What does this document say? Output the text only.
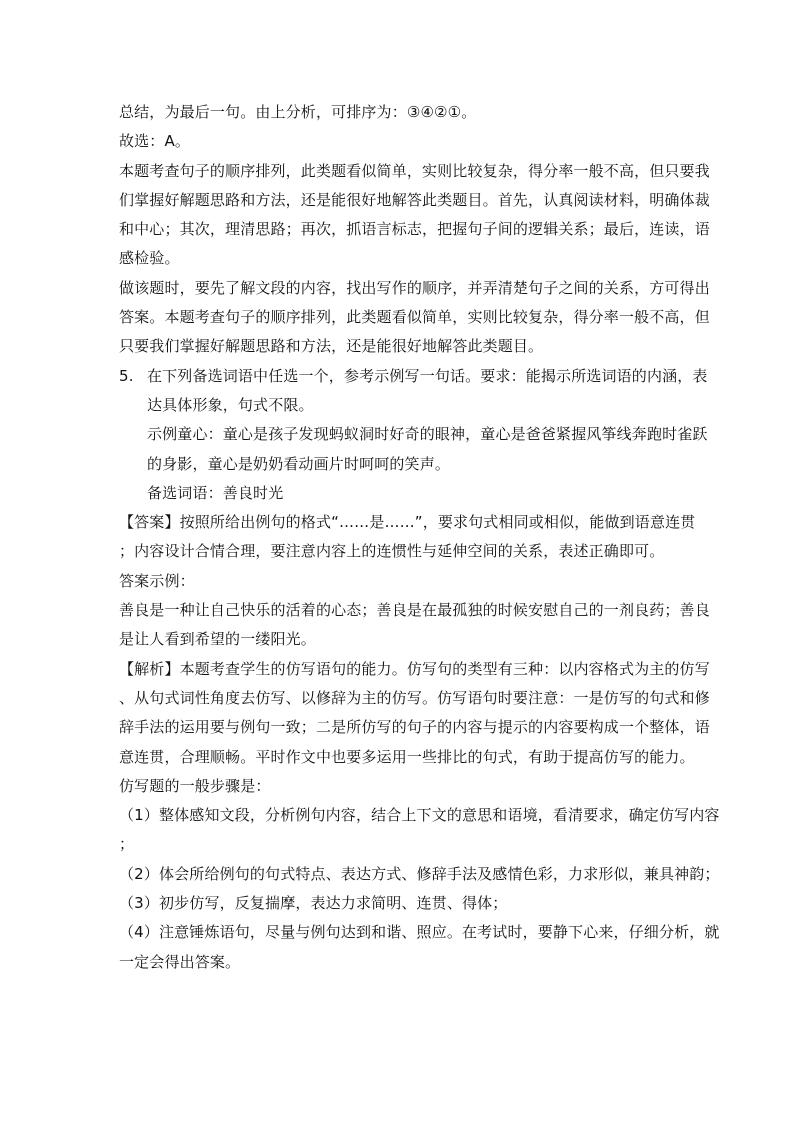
总结，为最后一句。由上分析，可排序为：③④②①。
故选：A。
本题考查句子的顺序排列，此类题看似简单，实则比较复杂，得分率一般不高，但只要我
们掌握好解题思路和方法，还是能很好地解答此类题目。首先，认真阅读材料，明确体裁
和中心；其次，理清思路；再次，抓语言标志，把握句子间的逻辑关系；最后，连读，语
感检验。
做该题时，要先了解文段的内容，找出写作的顺序，并弄清楚句子之间的关系，方可得出
答案。本题考查句子的顺序排列，此类题看似简单，实则比较复杂，得分率一般不高，但
只要我们掌握好解题思路和方法，还是能很好地解答此类题目。
5. 在下列备选词语中任选一个，参考示例写一句话。要求：能揭示所选词语的内涵，表
达具体形象，句式不限。
示例童心：童心是孩子发现蚂蚁洞时好奇的眼神，童心是爸爸紧握风筝线奔跑时雀跃
的身影，童心是奶奶看动画片时呵呵的笑声。
备选词语：善良时光
【答案】按照所给出例句的格式“……是……”，要求句式相同或相似，能做到语意连贯
；内容设计合情合理，要注意内容上的连惯性与延伸空间的关系，表述正确即可。
答案示例：
善良是一种让自己快乐的活着的心态；善良是在最孤独的时候安慰自己的一剂良药；善良
是让人看到希望的一缕阳光。
【解析】本题考查学生的仿写语句的能力。仿写句的类型有三种：以内容格式为主的仿写
、从句式词性角度去仿写、以修辞为主的仿写。仿写语句时要注意：一是仿写的句式和修
辞手法的运用要与例句一致；二是所仿写的句子的内容与提示的内容要构成一个整体，语
意连贯，合理顺畅。平时作文中也要多运用一些排比的句式，有助于提高仿写的能力。
仿写题的一般步骤是：
（1）整体感知文段，分析例句内容，结合上下文的意思和语境，看清要求，确定仿写内容
；
（2）体会所给例句的句式特点、表达方式、修辞手法及感情色彩，力求形似，兼具神韵；
（3）初步仿写，反复揣摩，表达力求简明、连贯、得体；
（4）注意锤炼语句，尽量与例句达到和谐、照应。在考试时，要静下心来，仔细分析，就
一定会得出答案。
